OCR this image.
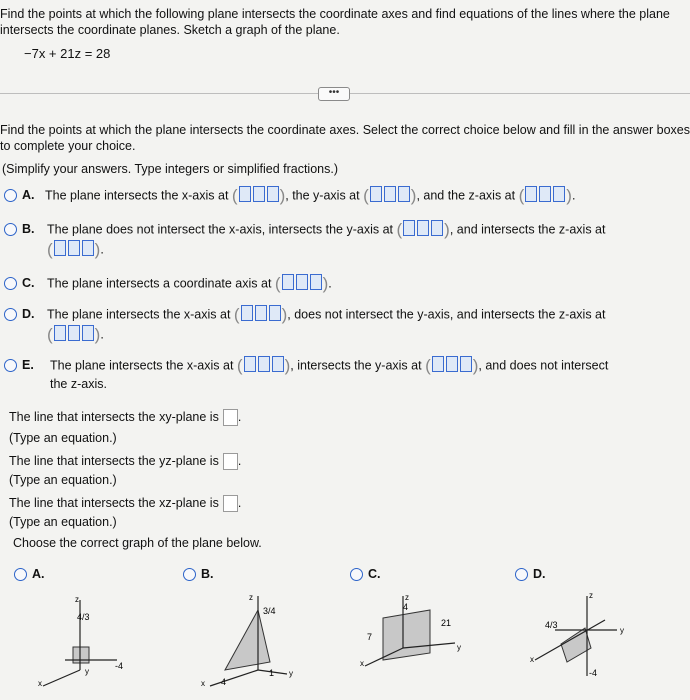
Find the points at which the following plane intersects the coordinate axes and find equations of the lines where the plane intersects the coordinate planes. Sketch a graph of the plane.
−7x + 21z = 28
•••
Find the points at which the plane intersects the coordinate axes. Select the correct choice below and fill in the answer boxes to complete your choice.
(Simplify your answers. Type integers or simplified fractions.)
A. The plane intersects the x-axis at ( ), the y-axis at ( ), and the z-axis at ( ).
B. The plane does not intersect the x-axis, intersects the y-axis at ( ), and intersects the z-axis at
( ).
C. The plane intersects a coordinate axis at ( ).
D. The plane intersects the x-axis at ( ), does not intersect the y-axis, and intersects the z-axis at
( ).
E. The plane intersects the x-axis at ( ), intersects the y-axis at ( ), and does not intersect
the z-axis.
The line that intersects the xy-plane is .
(Type an equation.)
The line that intersects the yz-plane is .
(Type an equation.)
The line that intersects the xz-plane is .
(Type an equation.)
Choose the correct graph of the plane below.
A.
z
x
y
4/3
-4
B.
z
x
y
3/4
4
1
C.
z
x
y
21
7
4
D.
z
x
y
4/3
-4
